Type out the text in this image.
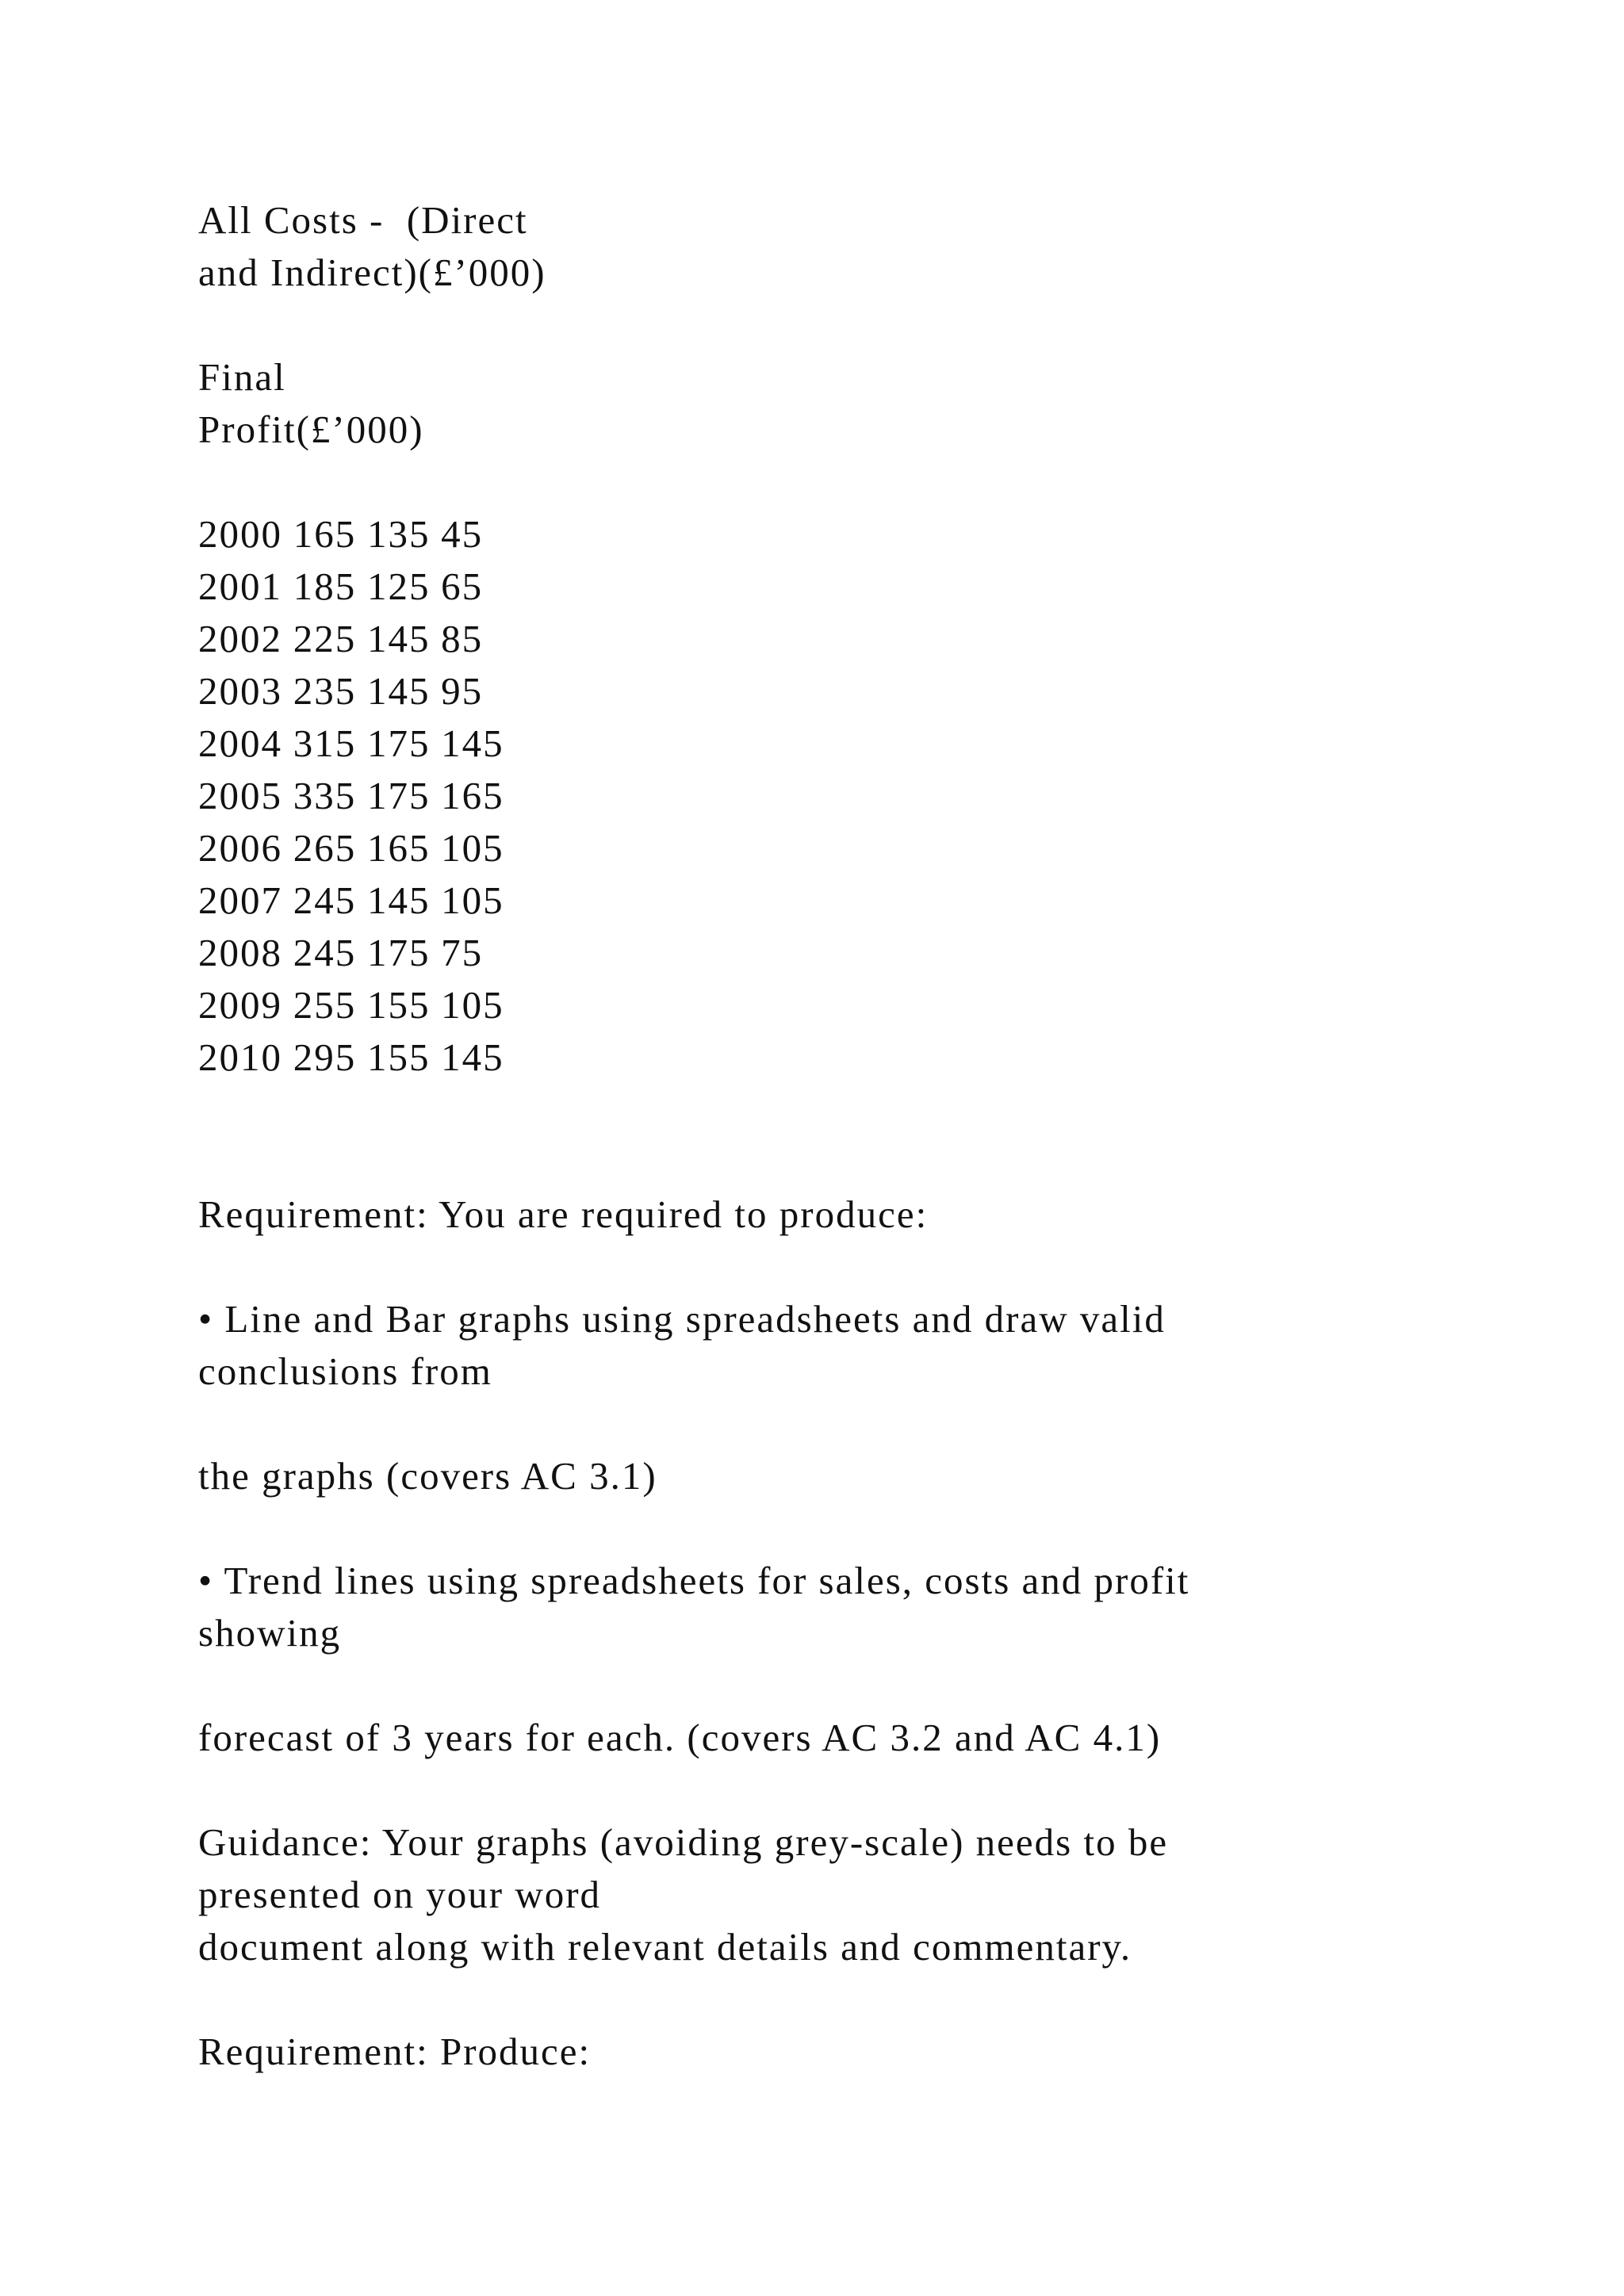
All Costs -  (Direct
and Indirect)(£’000)
Final
Profit(£’000)
2000 165 135 45
2001 185 125 65
2002 225 145 85
2003 235 145 95
2004 315 175 145
2005 335 175 165
2006 265 165 105
2007 245 145 105
2008 245 175 75
2009 255 155 105
2010 295 155 145
Requirement: You are required to produce:
• Line and Bar graphs using spreadsheets and draw valid
conclusions from
the graphs (covers AC 3.1)
• Trend lines using spreadsheets for sales, costs and profit
showing
forecast of 3 years for each. (covers AC 3.2 and AC 4.1)
Guidance: Your graphs (avoiding grey-scale) needs to be
presented on your word
document along with relevant details and commentary.
Requirement: Produce:
